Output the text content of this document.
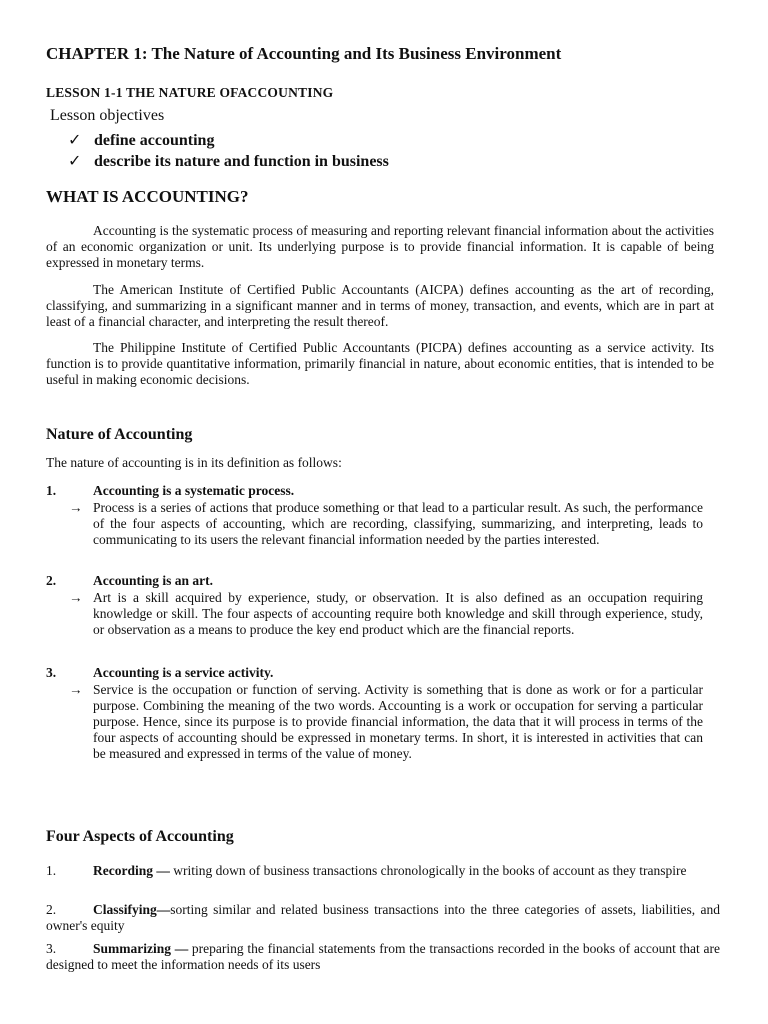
CHAPTER 1: The Nature of Accounting and Its Business Environment
LESSON 1-1 THE NATURE OFACCOUNTING
Lesson objectives
✓ define accounting
✓ describe its nature and function in business
WHAT IS ACCOUNTING?
Accounting is the systematic process of measuring and reporting relevant financial information about the activities of an economic organization or unit. Its underlying purpose is to provide financial information. It is capable of being expressed in monetary terms.
The American Institute of Certified Public Accountants (AICPA) defines accounting as the art of recording, classifying, and summarizing in a significant manner and in terms of money, transaction, and events, which are in part at least of a financial character, and interpreting the result thereof.
The Philippine Institute of Certified Public Accountants (PICPA) defines accounting as a service activity. Its function is to provide quantitative information, primarily financial in nature, about economic entities, that is intended to be useful in making economic decisions.
Nature of Accounting
The nature of accounting is in its definition as follows:
1.	Accounting is a systematic process.
→ Process is a series of actions that produce something or that lead to a particular result. As such, the performance of the four aspects of accounting, which are recording, classifying, summarizing, and interpreting, leads to communicating to its users the relevant financial information needed by the parties interested.
2.	Accounting is an art.
→ Art is a skill acquired by experience, study, or observation. It is also defined as an occupation requiring knowledge or skill. The four aspects of accounting require both knowledge and skill through experience, study, or observation as a means to produce the key end product which are the financial reports.
3.	Accounting is a service activity.
→ Service is the occupation or function of serving. Activity is something that is done as work or for a particular purpose. Combining the meaning of the two words. Accounting is a work or occupation for serving a particular purpose. Hence, since its purpose is to provide financial information, the data that it will process in terms of the four aspects of accounting should be expressed in monetary terms. In short, it is interested in activities that can be measured and expressed in terms of the value of money.
Four Aspects of Accounting
1.	Recording — writing down of business transactions chronologically in the books of account as they transpire
2.	Classifying—sorting similar and related business transactions into the three categories of assets, liabilities, and owner's equity
3.	Summarizing — preparing the financial statements from the transactions recorded in the books of account that are designed to meet the information needs of its users
